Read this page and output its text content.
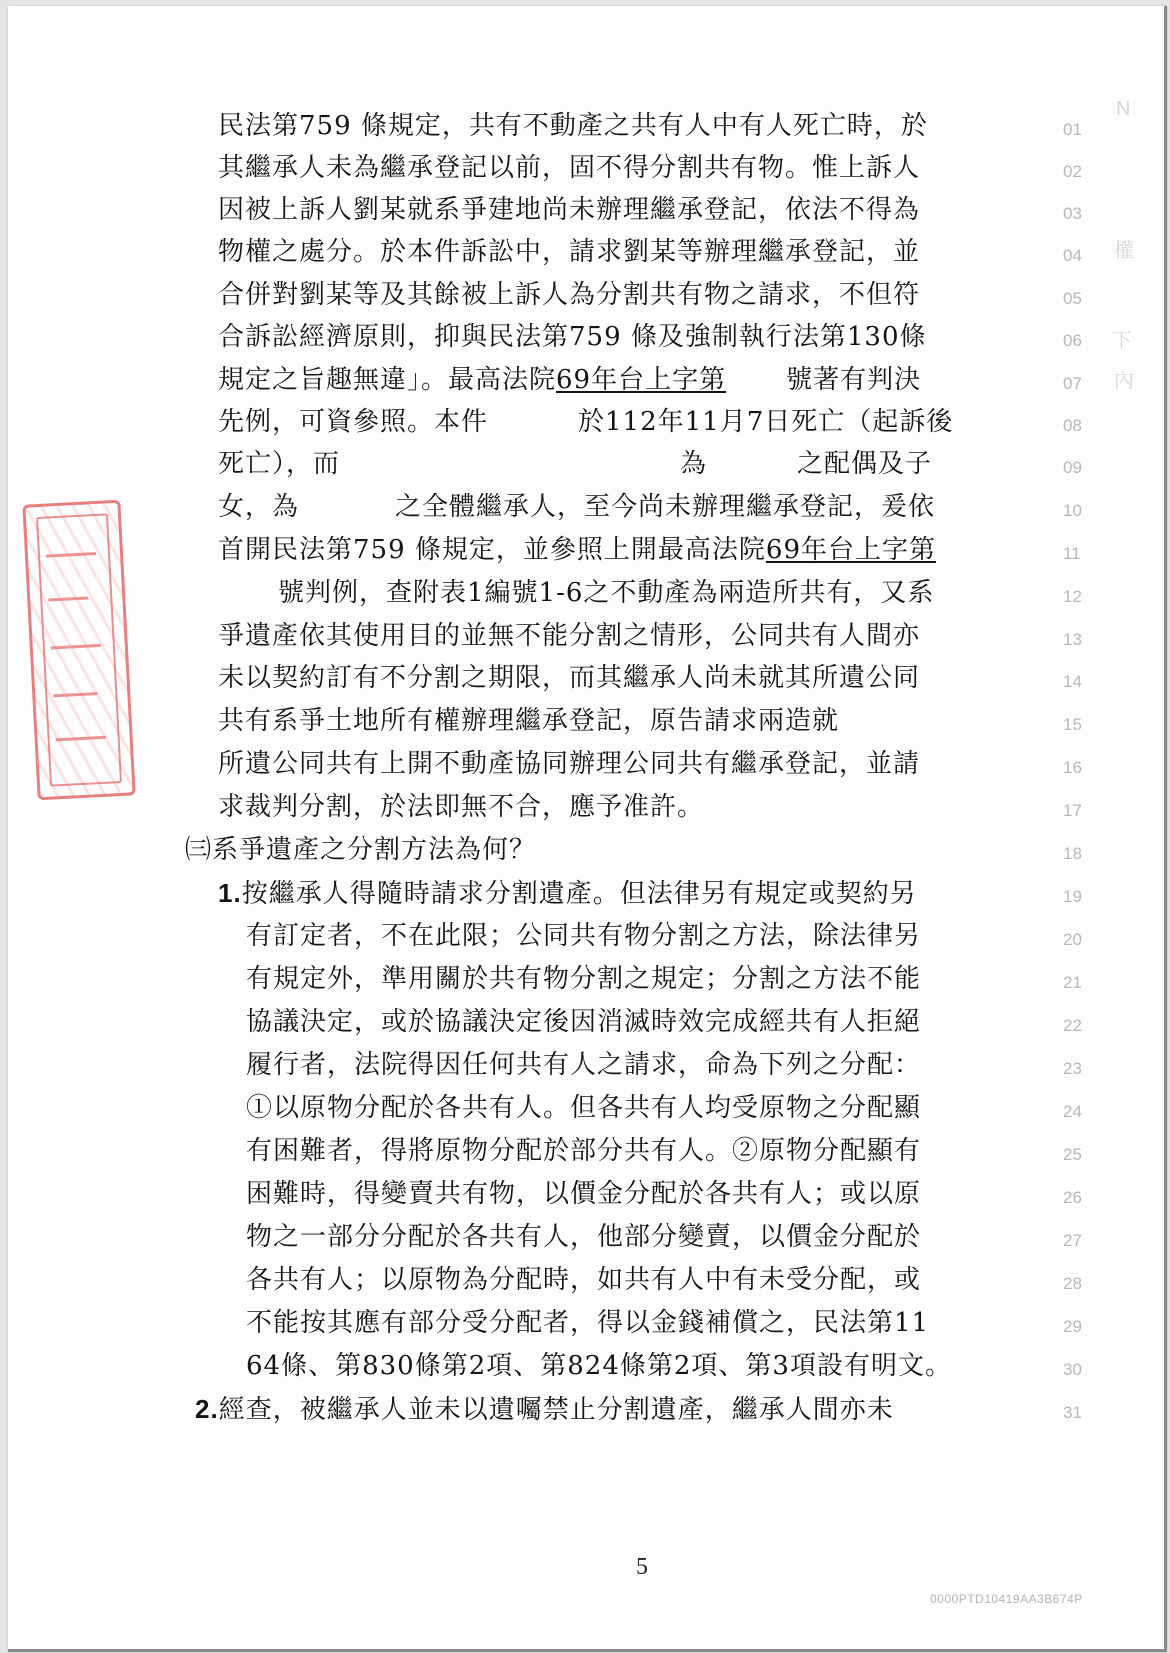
N
權
下
內
民法第759 條規定，共有不動產之共有人中有人死亡時，於	01
其繼承人未為繼承登記以前，固不得分割共有物。惟上訴人	02
因被上訴人劉某就系爭建地尚未辦理繼承登記，依法不得為	03
物權之處分。於本件訴訟中，請求劉某等辦理繼承登記，並	04
合併對劉某等及其餘被上訴人為分割共有物之請求，不但符	05
合訴訟經濟原則，抑與民法第759 條及強制執行法第130條	06
規定之旨趣無違」。最高法院69年台上字第 號著有判決	07
先例，可資參照。本件	於112年11月7日死亡（起訴後	08
死亡），而	為	之配偶及子	09
女，為	之全體繼承人，至今尚未辦理繼承登記，爰依	10
首開民法第759 條規定，並參照上開最高法院69年台上字第	11
號判例，查附表1編號1-6之不動產為兩造所共有，又系	12
爭遺產依其使用目的並無不能分割之情形，公同共有人間亦	13
未以契約訂有不分割之期限，而其繼承人尚未就其所遺公同	14
共有系爭土地所有權辦理繼承登記，原告請求兩造就	15
所遺公同共有上開不動產協同辦理公同共有繼承登記，並請	16
求裁判分割，於法即無不合，應予准許。	17
㈢系爭遺產之分割方法為何？	18
1.按繼承人得隨時請求分割遺產。但法律另有規定或契約另	19
有訂定者，不在此限；公同共有物分割之方法，除法律另	20
有規定外，準用關於共有物分割之規定；分割之方法不能	21
協議決定，或於協議決定後因消滅時效完成經共有人拒絕	22
履行者，法院得因任何共有人之請求，命為下列之分配：	23
①以原物分配於各共有人。但各共有人均受原物之分配顯	24
有困難者，得將原物分配於部分共有人。②原物分配顯有	25
困難時，得變賣共有物，以價金分配於各共有人；或以原	26
物之一部分分配於各共有人，他部分變賣，以價金分配於	27
各共有人；以原物為分配時，如共有人中有未受分配，或	28
不能按其應有部分受分配者，得以金錢補償之，民法第11	29
64條、第830條第2項、第824條第2項、第3項設有明文。	30
2.經查，被繼承人並未以遺囑禁止分割遺產，繼承人間亦未	31
5
0000PTD10419AA3B674P
